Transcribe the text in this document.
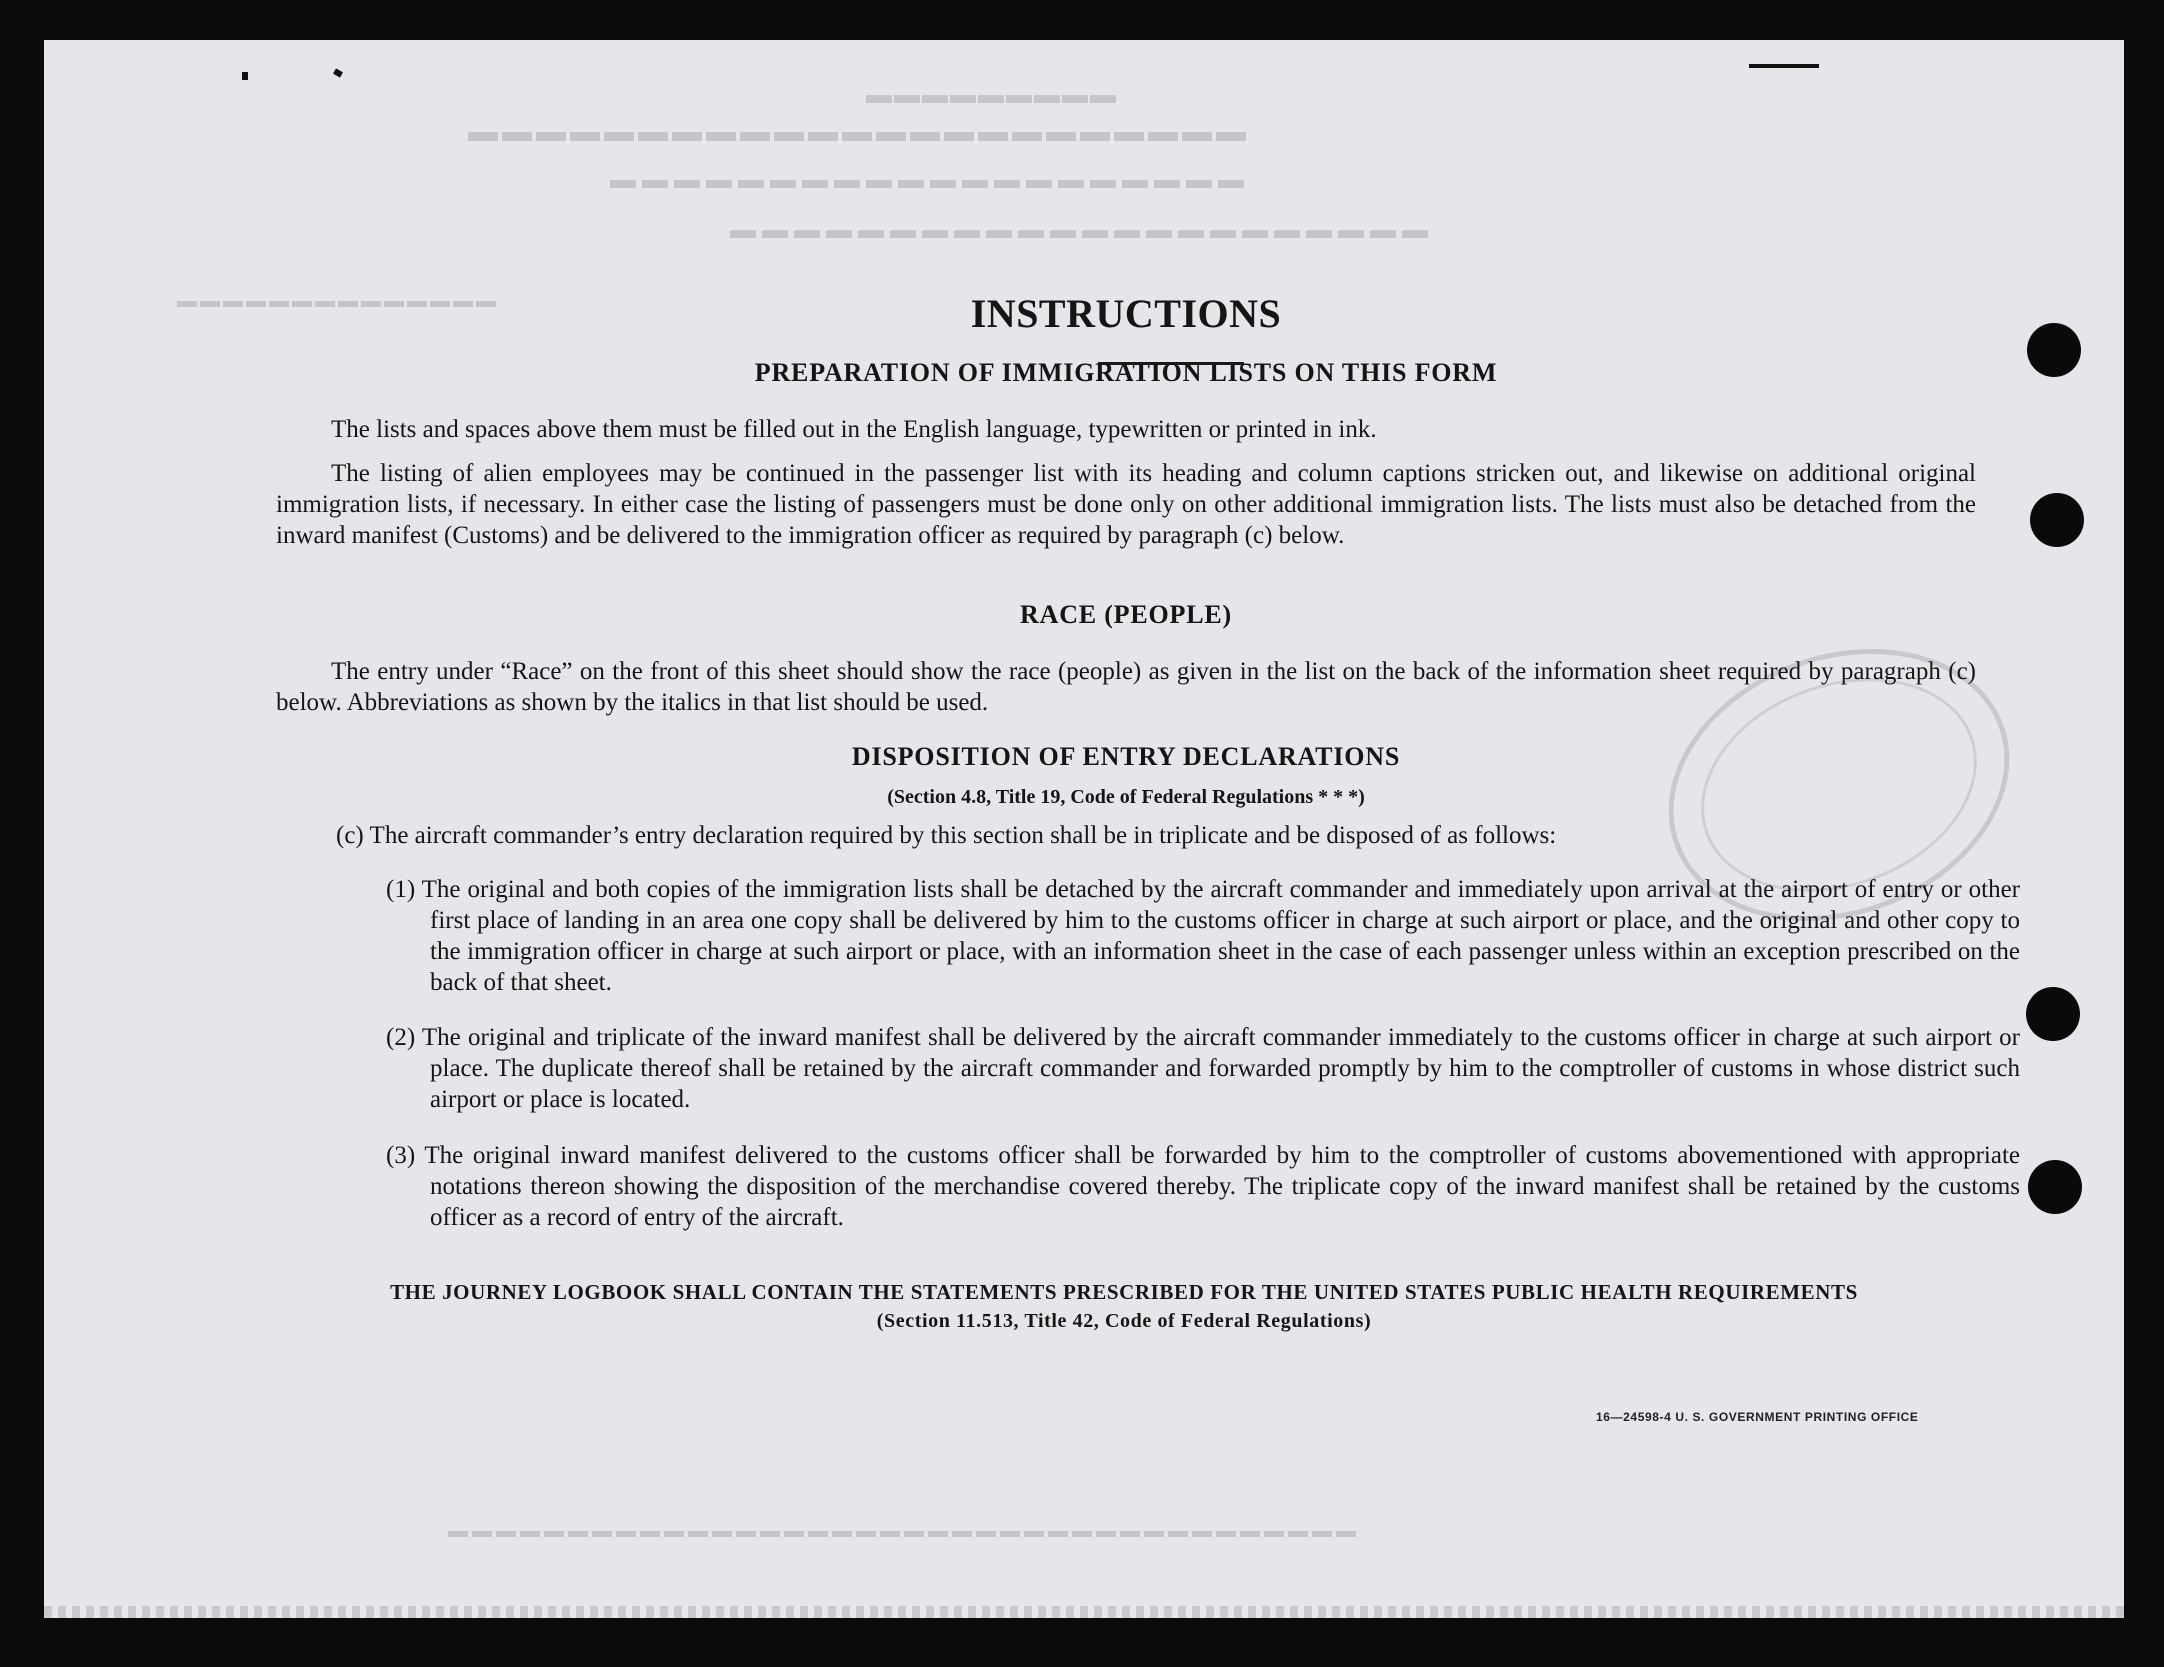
▬▬▬▬▬▬▬▬▬
▬▬▬▬▬▬▬▬▬▬▬▬▬▬▬▬▬▬▬▬▬▬▬
▬▬▬▬▬▬▬▬▬▬▬▬▬▬▬▬▬▬▬▬
▬▬▬▬▬▬▬▬▬▬▬▬▬▬▬▬▬▬▬▬▬▬
▬▬▬▬▬▬▬▬▬▬▬▬▬▬
▬▬▬▬▬▬▬▬▬▬▬▬▬▬▬▬▬▬▬▬▬▬▬▬▬▬▬▬▬▬▬▬▬▬▬▬▬▬
INSTRUCTIONS
PREPARATION OF IMMIGRATION LISTS ON THIS FORM

The lists and spaces above them must be filled out in the English language, typewritten or printed in ink.

The listing of alien employees may be continued in the passenger list with its heading and column captions stricken out, and likewise on additional original immigration lists, if necessary. In either case the listing of passengers must be done only on other additional immigration lists. The lists must also be detached from the inward manifest (Customs) and be delivered to the immigration officer as required by paragraph (c) below.

RACE (PEOPLE)

The entry under “Race” on the front of this sheet should show the race (people) as given in the list on the back of the information sheet required by paragraph (c) below. Abbreviations as shown by the italics in that list should be used.

DISPOSITION OF ENTRY DECLARATIONS

(Section 4.8, Title 19, Code of Federal Regulations * * *)

(c) The aircraft commander’s entry declaration required by this section shall be in triplicate and be disposed of as follows:

(1) The original and both copies of the immigration lists shall be detached by the aircraft commander and immediately upon arrival at the airport of entry or other first place of landing in an area one copy shall be delivered by him to the customs officer in charge at such airport or place, and the original and other copy to the immigration officer in charge at such airport or place, with an information sheet in the case of each passenger unless within an exception prescribed on the back of that sheet.

(2) The original and triplicate of the inward manifest shall be delivered by the aircraft commander immediately to the customs officer in charge at such airport or place. The duplicate thereof shall be retained by the aircraft commander and forwarded promptly by him to the comptroller of customs in whose district such airport or place is located.

(3) The original inward manifest delivered to the customs officer shall be forwarded by him to the comptroller of customs abovementioned with appropriate notations thereon showing the disposition of the merchandise covered thereby. The triplicate copy of the inward manifest shall be retained by the customs officer as a record of entry of the aircraft.

THE JOURNEY LOGBOOK SHALL CONTAIN THE STATEMENTS PRESCRIBED FOR THE UNITED STATES PUBLIC HEALTH REQUIREMENTS

(Section 11.513, Title 42, Code of Federal Regulations)

16—24598-4 U. S. GOVERNMENT PRINTING OFFICE
